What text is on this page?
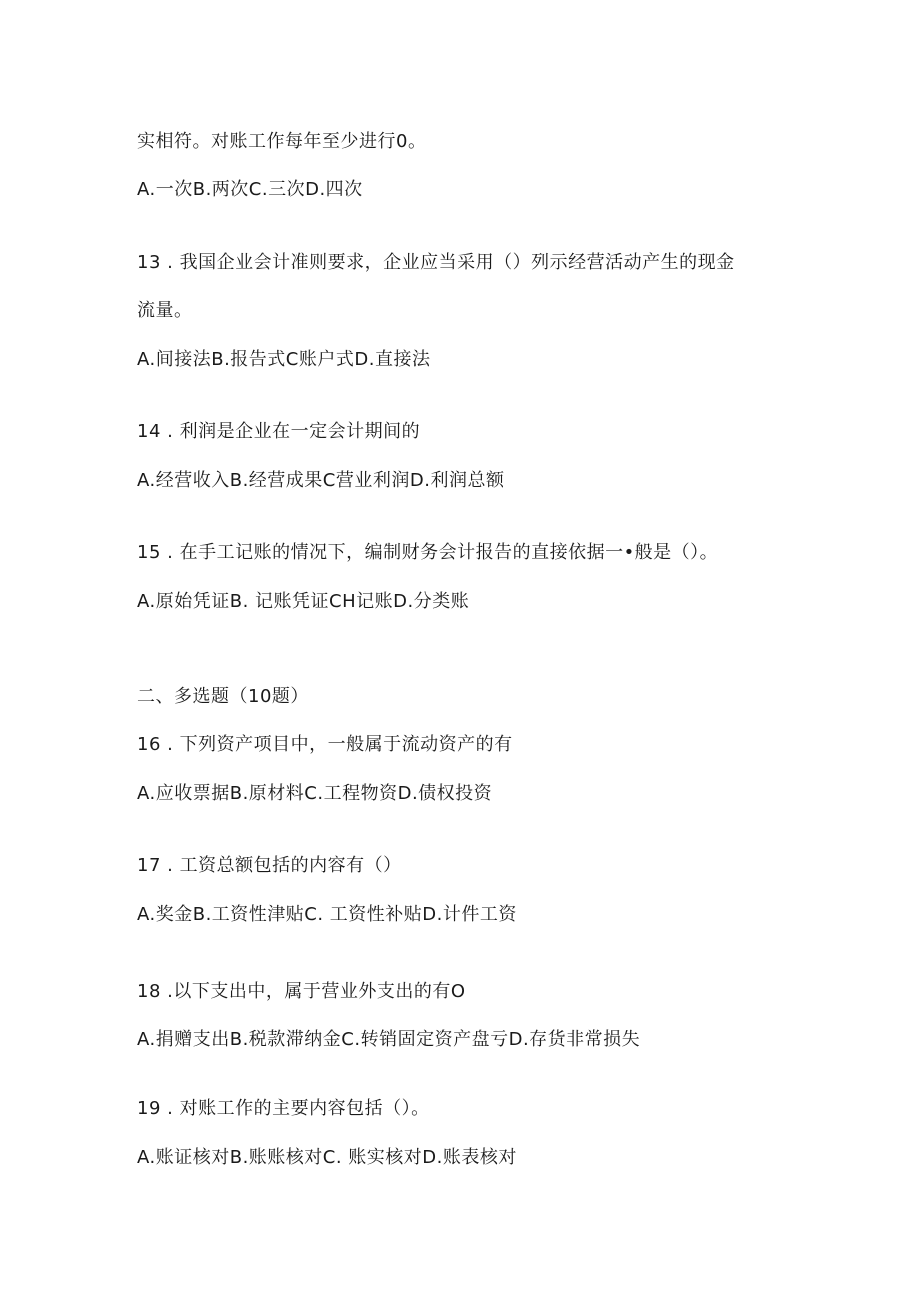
实相符。对账工作每年至少进行0。
A.一次B.两次C.三次D.四次
13 . 我国企业会计准则要求，企业应当采用（）列示经营活动产生的现金
流量。
A.间接法B.报告式C账户式D.直接法
14 . 利润是企业在一定会计期间的
A.经营收入B.经营成果C营业利润D.利润总额
15 . 在手工记账的情况下，编制财务会计报告的直接依据一•般是（）。
A.原始凭证B. 记账凭证CH记账D.分类账
二、多选题（10题）
16 . 下列资产项目中，一般属于流动资产的有
A.应收票据B.原材料C.工程物资D.债权投资
17 . 工资总额包括的内容有（）
A.奖金B.工资性津贴C. 工资性补贴D.计件工资
18 .以下支出中，属于营业外支出的有O
A.捐赠支出B.税款滞纳金C.转销固定资产盘亏D.存货非常损失
19 . 对账工作的主要内容包括（）。
A.账证核对B.账账核对C. 账实核对D.账表核对
